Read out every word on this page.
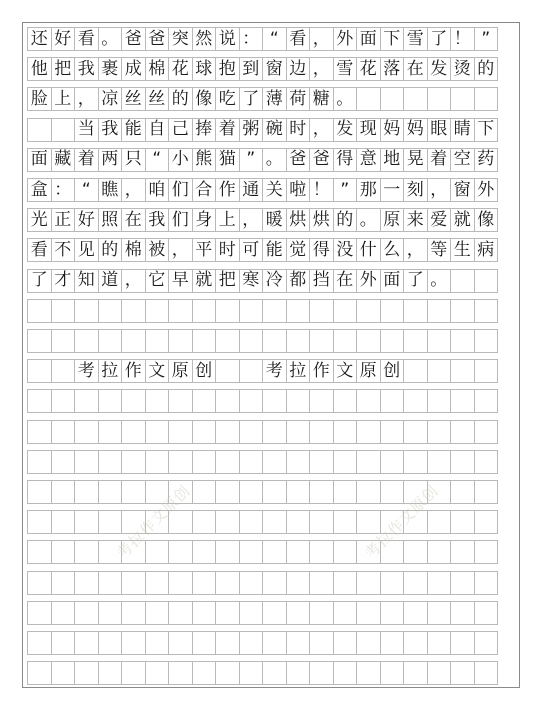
还 好 看 。 爸 爸 突 然 说 ： “ 看 ， 外 面 下 雪 了 ！ ”
他 把 我 裹 成 棉 花 球 抱 到 窗 边 ， 雪 花 落 在 发 烫 的
脸 上 ， 凉 丝 丝 的 像 吃 了 薄 荷 糖 。
当 我 能 自 己 捧 着 粥 碗 时 ， 发 现 妈 妈 眼 睛 下
面 藏 着 两 只 “ 小 熊 猫 ” 。 爸 爸 得 意 地 晃 着 空 药
盒 ： “ 瞧 ， 咱 们 合 作 通 关 啦 ！ ” 那 一 刻 ， 窗 外
光 正 好 照 在 我 们 身 上 ， 暖 烘 烘 的 。 原 来 爱 就 像
看 不 见 的 棉 被 ， 平 时 可 能 觉 得 没 什 么 ， 等 生 病
了 才 知 道 ， 它 早 就 把 寒 冷 都 挡 在 外 面 了 。
考 拉 作 文 原 创	考 拉 作 文 原 创
考拉作文原创	考拉作文原创
